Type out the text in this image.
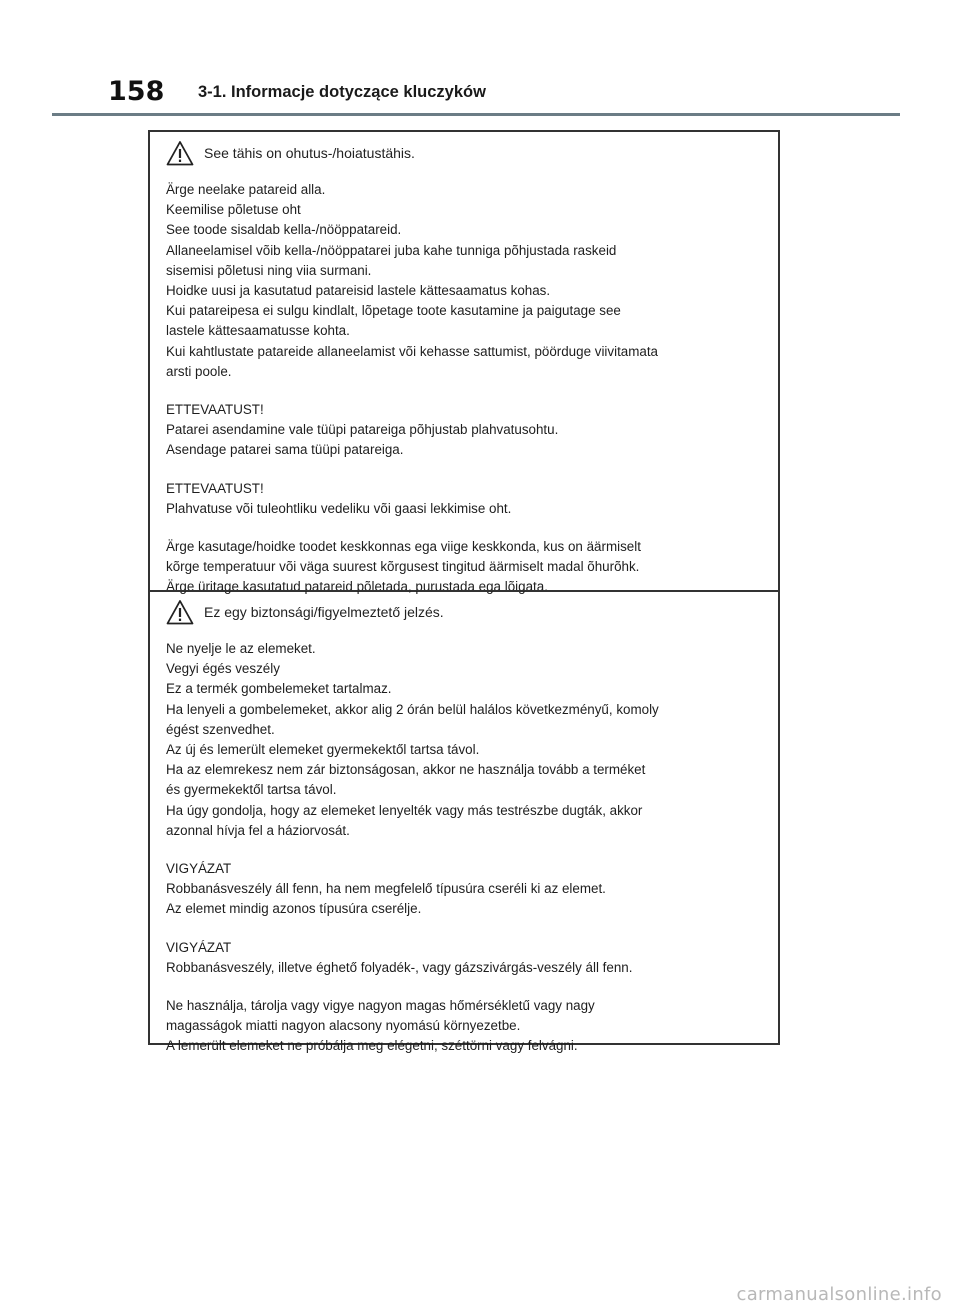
158 3-1. Informacje dotyczące kluczyków
See tähis on ohutus-/hoiatustähis.
Ärge neelake patareid alla.
Keemilise põletuse oht
See toode sisaldab kella-/nööppatareid.
Allaneelamisel võib kella-/nööppatarei juba kahe tunniga põhjustada raskeid
sisemisi põletusi ning viia surmani.
Hoidke uusi ja kasutatud patareisid lastele kättesaamatus kohas.
Kui patareipesa ei sulgu kindlalt, lõpetage toote kasutamine ja paigutage see
lastele kättesaamatusse kohta.
Kui kahtlustate patareide allaneelamist või kehasse sattumist, pöörduge viivitamata
arsti poole.
ETTEVAATUST!
Patarei asendamine vale tüüpi patareiga põhjustab plahvatusohtu.
Asendage patarei sama tüüpi patareiga.
ETTEVAATUST!
Plahvatuse või tuleohtliku vedeliku või gaasi lekkimise oht.
Ärge kasutage/hoidke toodet keskkonnas ega viige keskkonda, kus on äärmiselt
kõrge temperatuur või väga suurest kõrgusest tingitud äärmiselt madal õhurõhk.
Ärge üritage kasutatud patareid põletada, purustada ega lõigata.
Ez egy biztonsági/figyelmeztető jelzés.
Ne nyelje le az elemeket.
Vegyi égés veszély
Ez a termék gombelemeket tartalmaz.
Ha lenyeli a gombelemeket, akkor alig 2 órán belül halálos következményű, komoly
égést szenvedhet.
Az új és lemerült elemeket gyermekektől tartsa távol.
Ha az elemrekesz nem zár biztonságosan, akkor ne használja tovább a terméket
és gyermekektől tartsa távol.
Ha úgy gondolja, hogy az elemeket lenyelték vagy más testrészbe dugták, akkor
azonnal hívja fel a háziorvosát.
VIGYÁZAT
Robbanásveszély áll fenn, ha nem megfelelő típusúra cseréli ki az elemet.
Az elemet mindig azonos típusúra cserélje.
VIGYÁZAT
Robbanásveszély, illetve éghető folyadék-, vagy gázszivárgás-veszély áll fenn.
Ne használja, tárolja vagy vigye nagyon magas hőmérsékletű vagy nagy
magasságok miatti nagyon alacsony nyomású környezetbe.
A lemerült elemeket ne próbálja meg elégetni, széttörni vagy felvágni.
carmanualsonline.info
